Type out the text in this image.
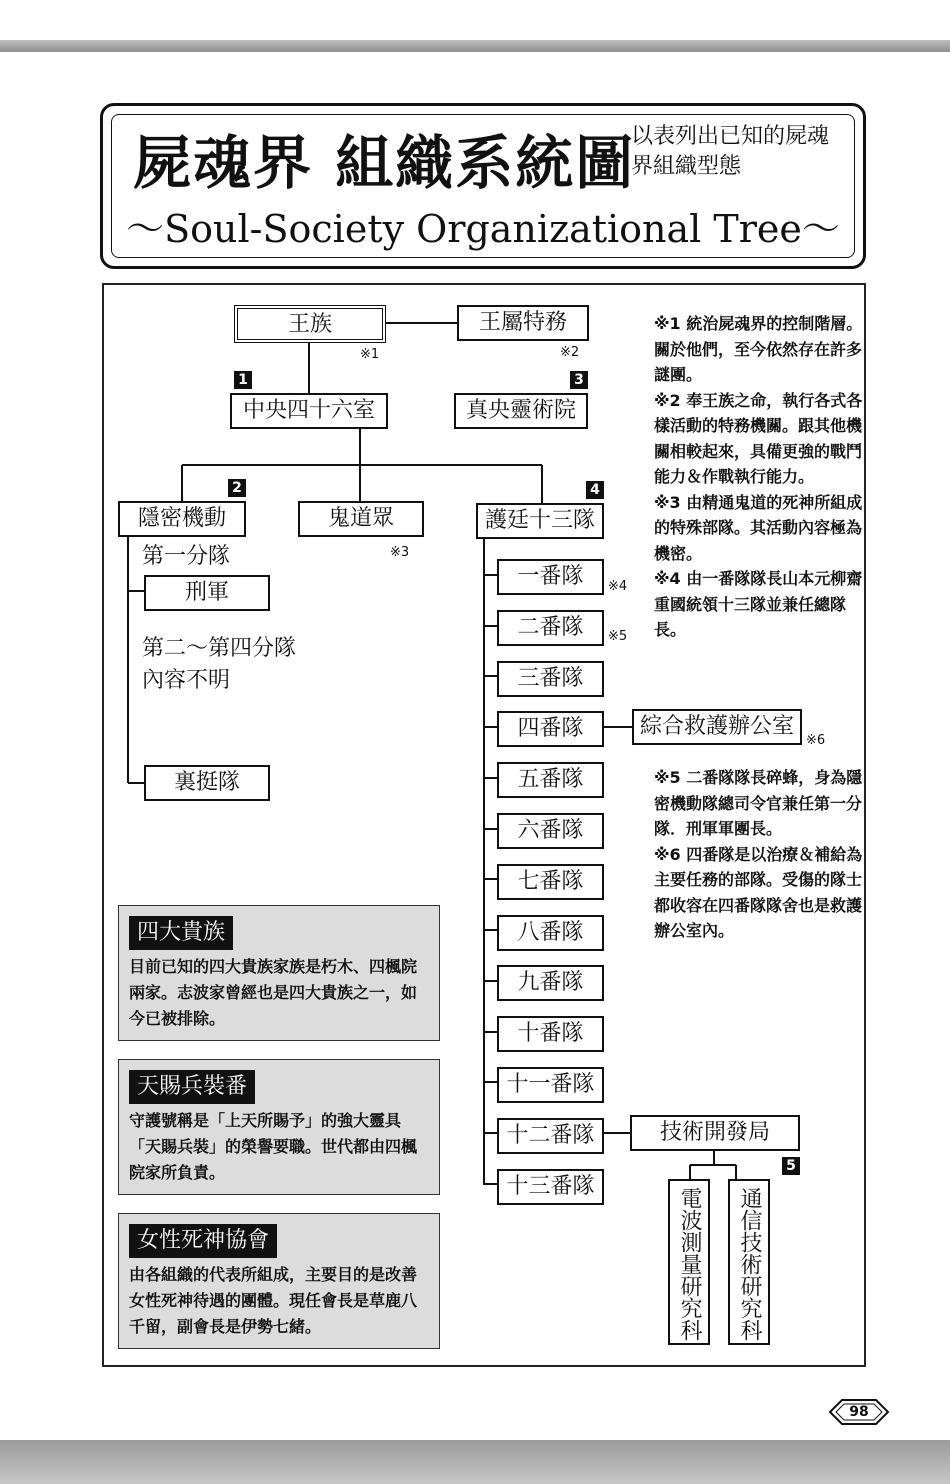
屍魂界 組織系統圖
以表列出已知的屍魂界組織型態
～Soul-Society Organizational Tree～
王族	王屬特務
※1	※2
1	3
中央四十六室	真央靈術院
2	4
隱密機動	鬼道眾	護廷十三隊
※3
第一分隊
刑軍
第二～第四分隊
內容不明
裏挺隊
一番隊
二番隊
三番隊
四番隊
五番隊
六番隊
七番隊
八番隊
九番隊
十番隊
十一番隊
十二番隊
十三番隊
※4
※5
綜合救護辦公室
※6
技術開發局
5
電波測量研究科	通信技術研究科

※1 統治屍魂界的控制階層。關於他們，至今依然存在許多謎團。

※2 奉王族之命，執行各式各樣活動的特務機關。跟其他機關相較起來，具備更強的戰鬥能力＆作戰執行能力。

※3 由精通鬼道的死神所組成的特殊部隊。其活動內容極為機密。

※4 由一番隊隊長山本元柳齋重國統領十三隊並兼任總隊長。

※5 二番隊隊長碎蜂，身為隱密機動隊總司令官兼任第一分隊．刑軍軍團長。

※6 四番隊是以治療＆補給為主要任務的部隊。受傷的隊士都收容在四番隊隊舍也是救護辦公室內。

四大貴族
目前已知的四大貴族家族是朽木、四楓院兩家。志波家曾經也是四大貴族之一，如今已被排除。
天賜兵裝番
守護號稱是「上天所賜予」的強大靈具「天賜兵裝」的榮譽要職。世代都由四楓院家所負責。
女性死神協會
由各組織的代表所組成，主要目的是改善女性死神待遇的團體。現任會長是草鹿八千留，副會長是伊勢七緒。
98
